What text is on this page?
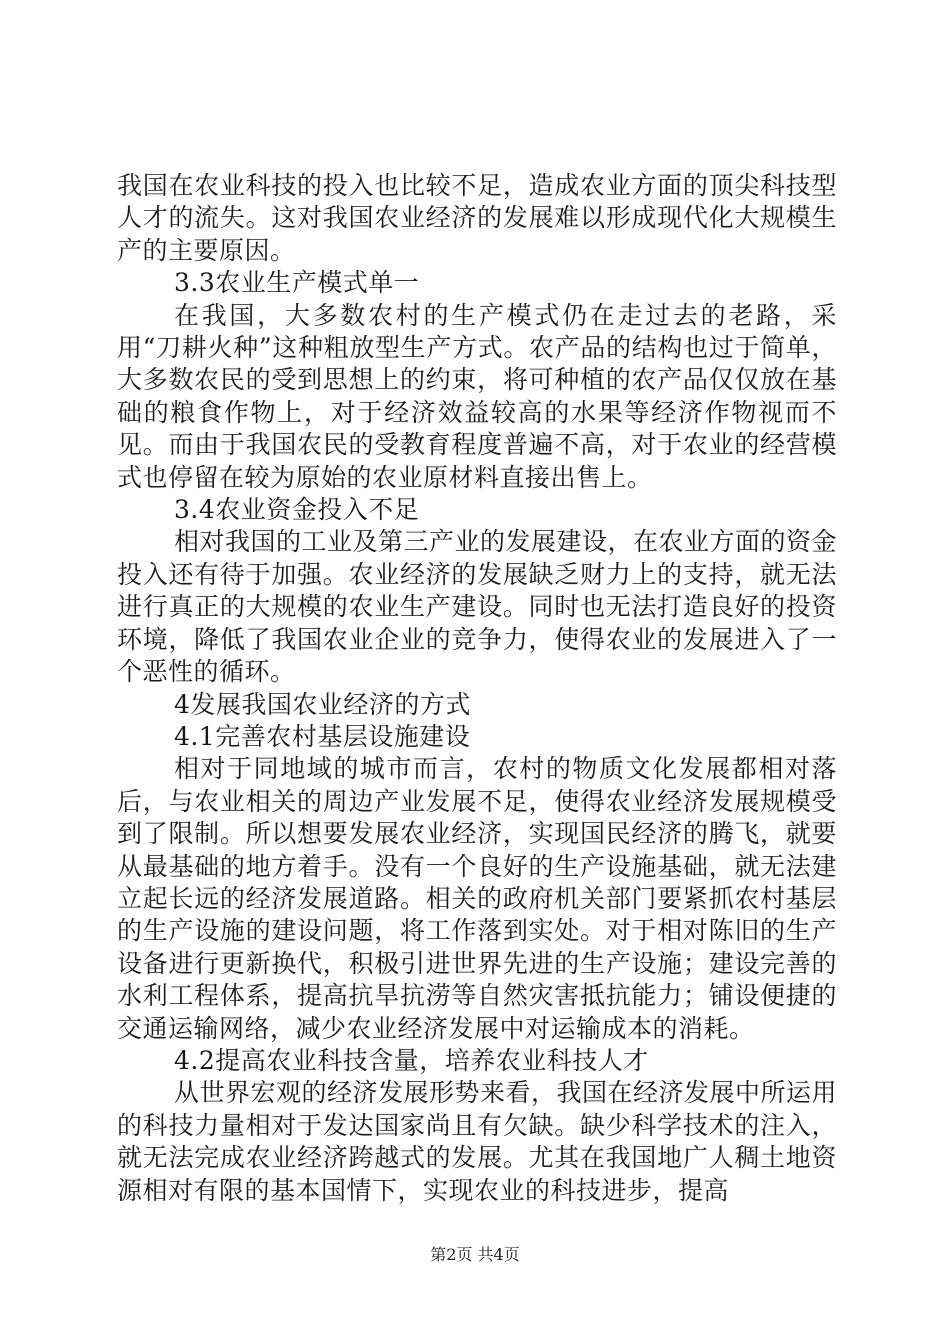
我国在农业科技的投入也比较不足，造成农业方面的顶尖科技型人才的流失。这对我国农业经济的发展难以形成现代化大规模生产的主要原因。

3.3农业生产模式单一

在我国，大多数农村的生产模式仍在走过去的老路，采用“刀耕火种”这种粗放型生产方式。农产品的结构也过于简单，大多数农民的受到思想上的约束，将可种植的农产品仅仅放在基础的粮食作物上，对于经济效益较高的水果等经济作物视而不见。而由于我国农民的受教育程度普遍不高，对于农业的经营模式也停留在较为原始的农业原材料直接出售上。

3.4农业资金投入不足

相对我国的工业及第三产业的发展建设，在农业方面的资金投入还有待于加强。农业经济的发展缺乏财力上的支持，就无法进行真正的大规模的农业生产建设。同时也无法打造良好的投资环境，降低了我国农业企业的竞争力，使得农业的发展进入了一个恶性的循环。

4发展我国农业经济的方式

4.1完善农村基层设施建设

相对于同地域的城市而言，农村的物质文化发展都相对落后，与农业相关的周边产业发展不足，使得农业经济发展规模受到了限制。所以想要发展农业经济，实现国民经济的腾飞，就要从最基础的地方着手。没有一个良好的生产设施基础，就无法建立起长远的经济发展道路。相关的政府机关部门要紧抓农村基层的生产设施的建设问题，将工作落到实处。对于相对陈旧的生产设备进行更新换代，积极引进世界先进的生产设施；建设完善的水利工程体系，提高抗旱抗涝等自然灾害抵抗能力；铺设便捷的交通运输网络，减少农业经济发展中对运输成本的消耗。

4.2提高农业科技含量，培养农业科技人才

从世界宏观的经济发展形势来看，我国在经济发展中所运用的科技力量相对于发达国家尚且有欠缺。缺少科学技术的注入，就无法完成农业经济跨越式的发展。尤其在我国地广人稠土地资源相对有限的基本国情下，实现农业的科技进步，提高

第2页 共4页
